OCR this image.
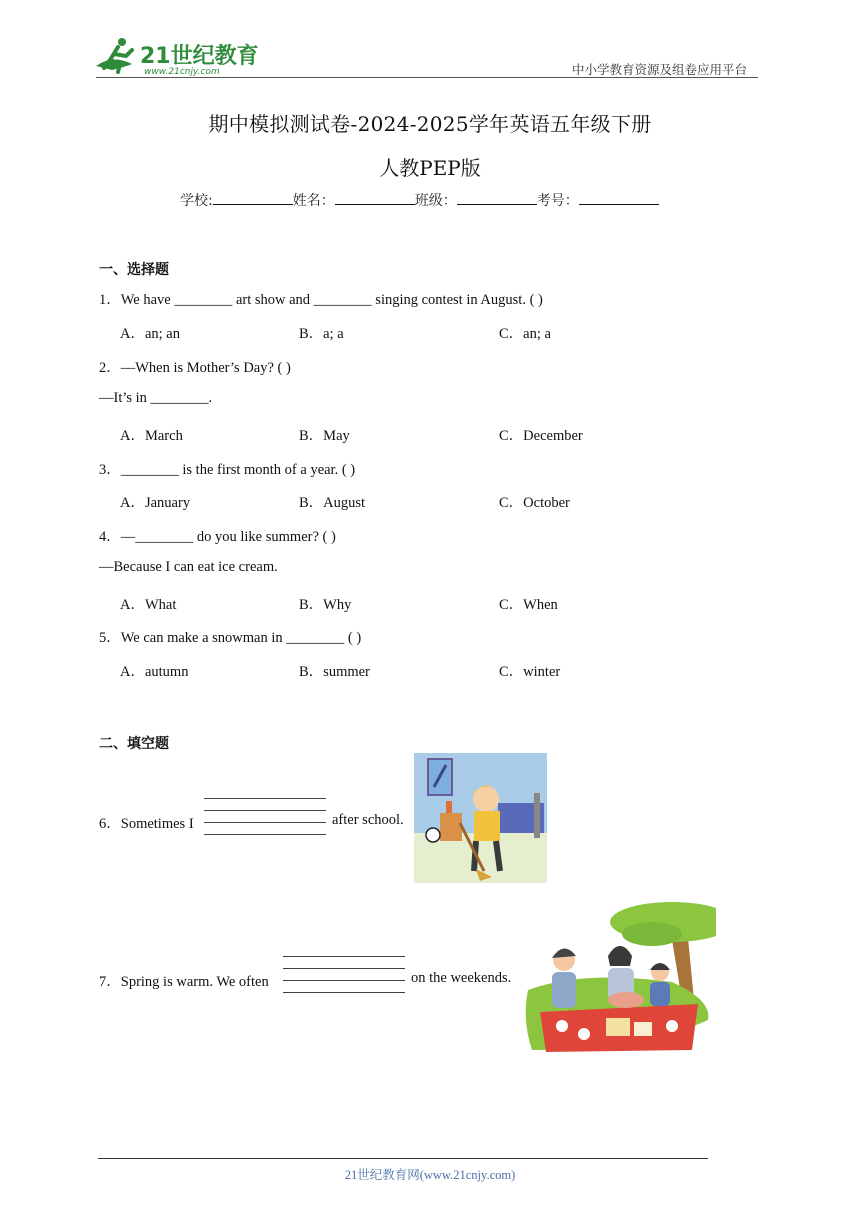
21世纪教育
www.21cnjy.com	中小学教育资源及组卷应用平台
期中模拟测试卷-2024-2025学年英语五年级下册
人教PEP版
学校:	姓名：	班级：	考号：
一、选择题
1．We have ________ art show and ________ singing contest in August. ( )
A．an; an	B．a; a	C．an; a
2．—When is Mother’s Day? ( )
—It’s in ________.
A．March	B．May	C．December
3．________ is the first month of a year. ( )
A．January	B．August	C．October
4．—________ do you like summer? ( )
—Because I can eat ice cream.
A．What	B．Why	C．When
5．We can make a snowman in ________ ( )
A．autumn	B．summer	C．winter
二、填空题
6．Sometimes I	after school.
7．Spring is warm. We often	on the weekends.
21世纪教育网(www.21cnjy.com)
